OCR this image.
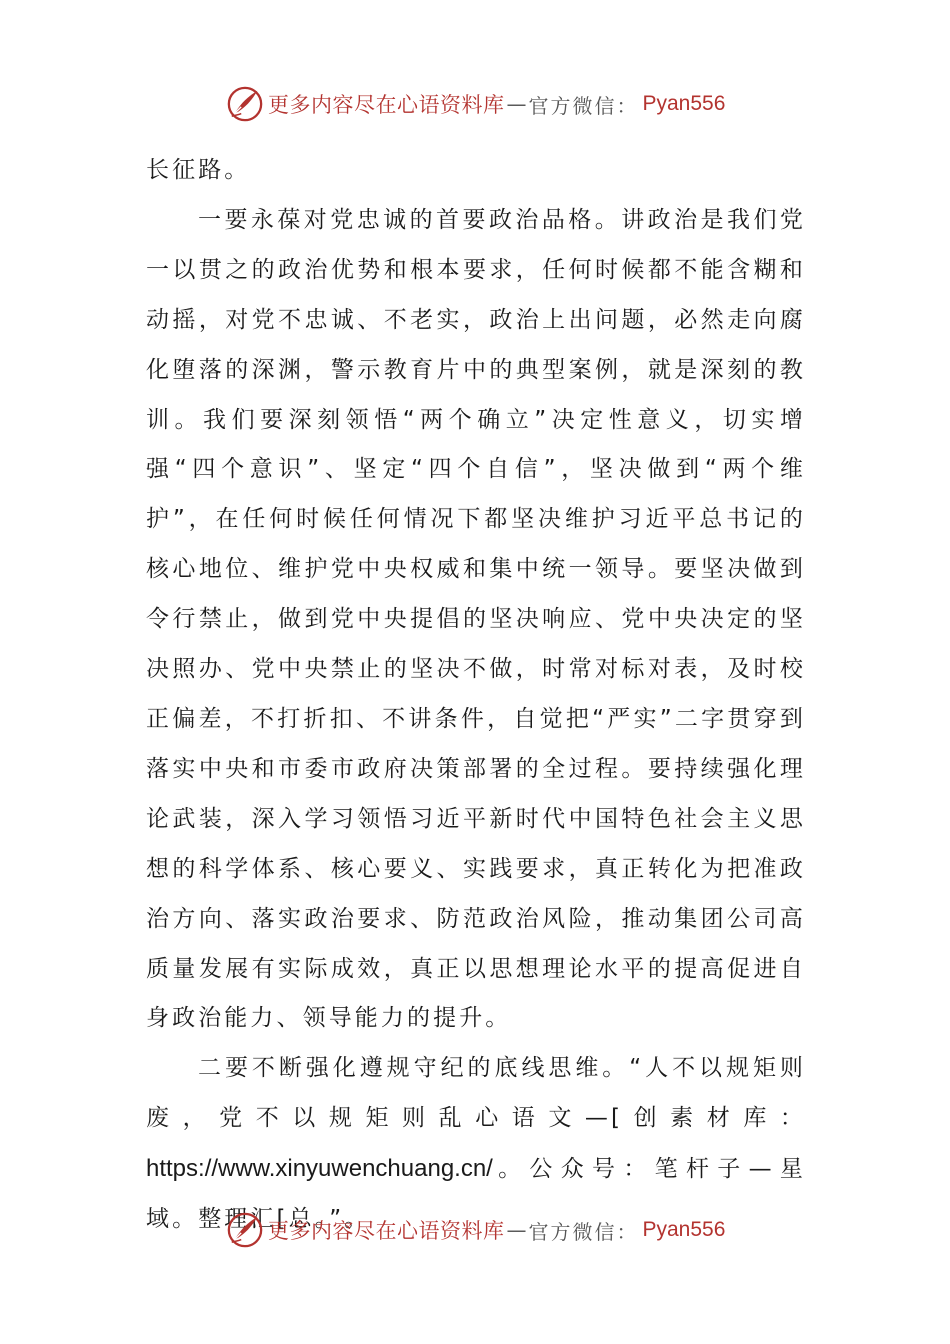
更多内容尽在心语资料库 — 官方微信： Pyan556

长征路。

一要永葆对党忠诚的首要政治品格。讲政治是我们党一以贯之的政治优势和根本要求，任何时候都不能含糊和动摇，对党不忠诚、不老实，政治上出问题，必然走向腐化堕落的深渊，警示教育片中的典型案例，就是深刻的教训。我们要深刻领悟“两个确立”决定性意义，切实增强“四个意识”、坚定“四个自信”，坚决做到“两个维护”，在任何时候任何情况下都坚决维护习近平总书记的核心地位、维护党中央权威和集中统一领导。要坚决做到令行禁止，做到党中央提倡的坚决响应、党中央决定的坚决照办、党中央禁止的坚决不做，时常对标对表，及时校正偏差，不打折扣、不讲条件，自觉把“严实”二字贯穿到落实中央和市委市政府决策部署的全过程。要持续强化理论武装，深入学习领悟习近平新时代中国特色社会主义思想的科学体系、核心要义、实践要求，真正转化为把准政治方向、落实政治要求、防范政治风险，推动集团公司高质量发展有实际成效，真正以思想理论水平的提高促进自身政治能力、领导能力的提升。

二要不断强化遵规守纪的底线思维。“人不以规矩则废，党不以规矩则乱心语文—[创素材库：https://www.xinyuwenchuang.cn/。公众号：笔杆子—星域。整理汇[总。”。

更多内容尽在心语资料库 — 官方微信： Pyan556
